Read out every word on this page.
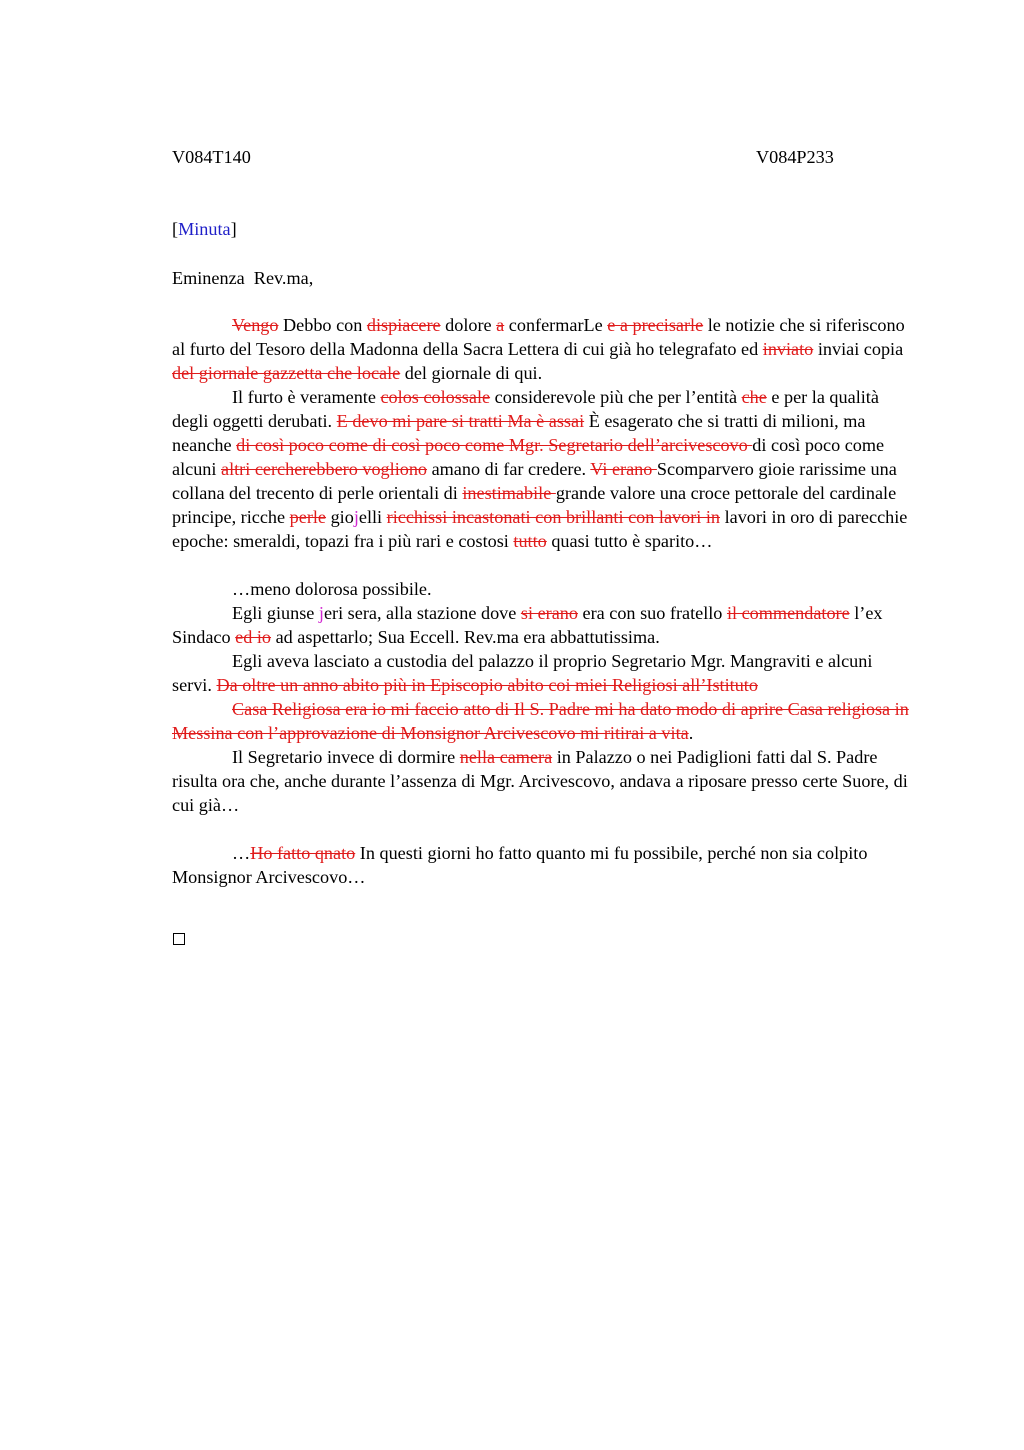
V084T140	V084P233
[Minuta]
Eminenza  Rev.ma,

Vengo Debbo con dispiacere dolore a confermarLe e a precisarle le notizie che si riferiscono al furto del Tesoro della Madonna della Sacra Lettera di cui già ho telegrafato ed inviato inviai copia del giornale gazzetta che locale del giornale di qui.

Il furto è veramente colos colossale considerevole più che per l’entità che e per la qualità degli oggetti derubati. E devo mi pare si tratti Ma è assai È esagerato che si tratti di milioni, ma neanche di così poco come di così poco come Mgr. Segretario dell’arcivescovo di così poco come alcuni altri cercherebbero vogliono amano di far credere. Vi erano Scomparvero gioie rarissime una collana del trecento di perle orientali di inestimabile grande valore una croce pettorale del cardinale principe, ricche perle giojelli ricchissi incastonati con brillanti con lavori in lavori in oro di parecchie epoche: smeraldi, topazi fra i più rari e costosi tutto quasi tutto è sparito…

…meno dolorosa possibile.

Egli giunse jeri sera, alla stazione dove si erano era con suo fratello il commendatore l’ex Sindaco ed io ad aspettarlo; Sua Eccell. Rev.ma era abbattutissima.

Egli aveva lasciato a custodia del palazzo il proprio Segretario Mgr. Mangraviti e alcuni servi. Da oltre un anno abito più in Episcopio abito coi miei Religiosi all’Istituto

Casa Religiosa era io mi faccio atto di Il S. Padre mi ha dato modo di aprire Casa religiosa in Messina con l’approvazione di Monsignor Arcivescovo mi ritirai a vita.

Il Segretario invece di dormire nella camera in Palazzo o nei Padiglioni fatti dal S. Padre risulta ora che, anche durante l’assenza di Mgr. Arcivescovo, andava a riposare presso certe Suore, di cui già…

…Ho fatto qnato In questi giorni ho fatto quanto mi fu possibile, perché non sia colpito Monsignor Arcivescovo…
